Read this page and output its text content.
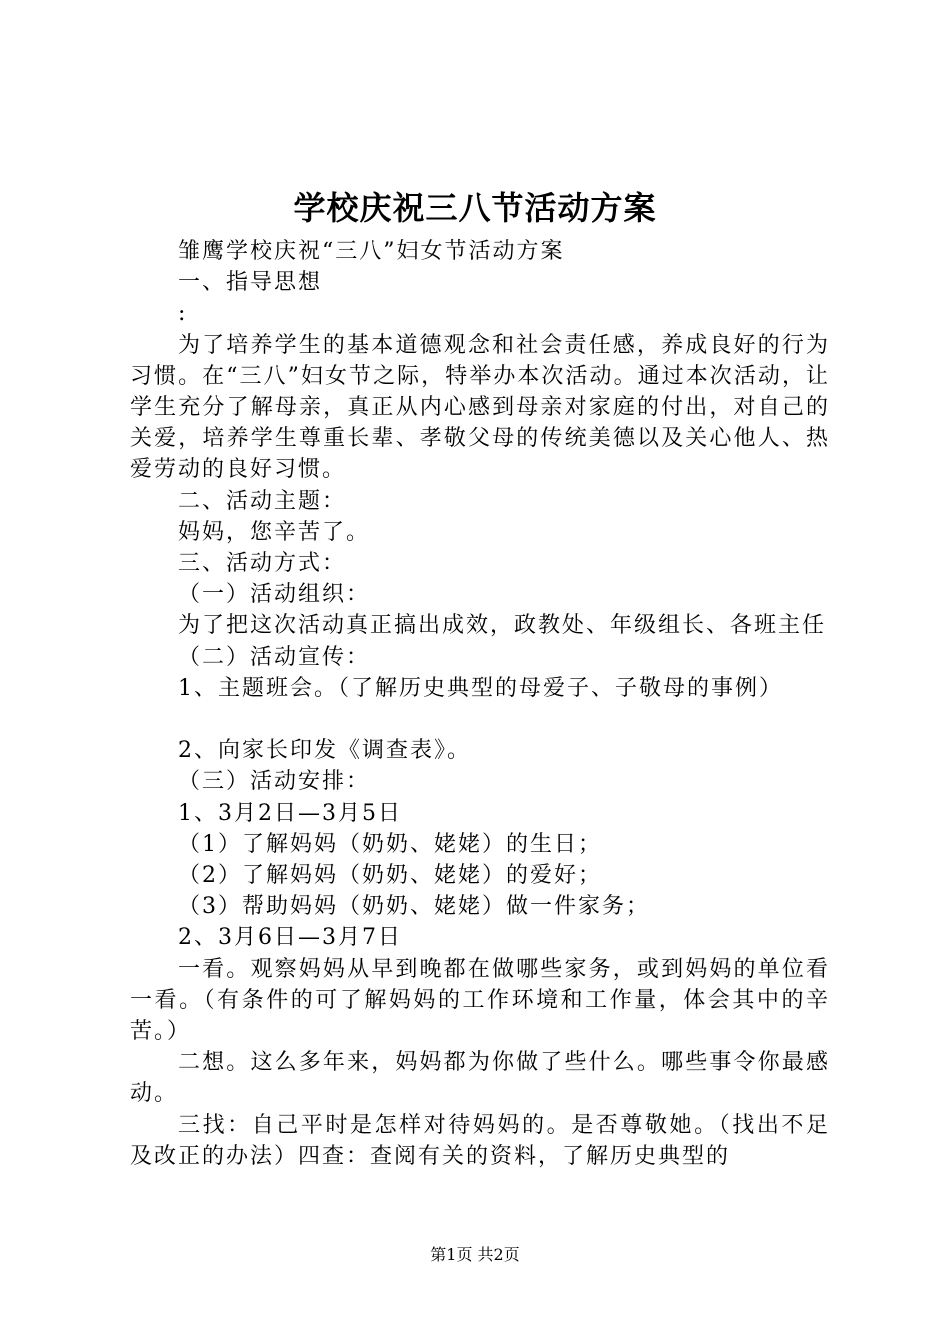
学校庆祝三八节活动方案
雏鹰学校庆祝“三八”妇女节活动方案
一、指导思想
:
为了培养学生的基本道德观念和社会责任感，养成良好的行为习惯。在“三八”妇女节之际，特举办本次活动。通过本次活动，让学生充分了解母亲，真正从内心感到母亲对家庭的付出，对自己的关爱，培养学生尊重长辈、孝敬父母的传统美德以及关心他人、热爱劳动的良好习惯。
二、活动主题：
妈妈，您辛苦了。
三、活动方式：
（一）活动组织：
为了把这次活动真正搞出成效，政教处、年级组长、各班主任
（二）活动宣传：
1、主题班会。（了解历史典型的母爱子、子敬母的事例）
2、向家长印发《调查表》。
（三）活动安排：
1、3月2日—3月5日
（1）了解妈妈（奶奶、姥姥）的生日；
（2）了解妈妈（奶奶、姥姥）的爱好；
（3）帮助妈妈（奶奶、姥姥）做一件家务；
2、3月6日—3月7日
一看。观察妈妈从早到晚都在做哪些家务，或到妈妈的单位看一看。（有条件的可了解妈妈的工作环境和工作量，体会其中的辛苦。）
二想。这么多年来，妈妈都为你做了些什么。哪些事令你最感动。
三找：自己平时是怎样对待妈妈的。是否尊敬她。（找出不足及改正的办法）四查：查阅有关的资料，了解历史典型的
第1页 共2页
